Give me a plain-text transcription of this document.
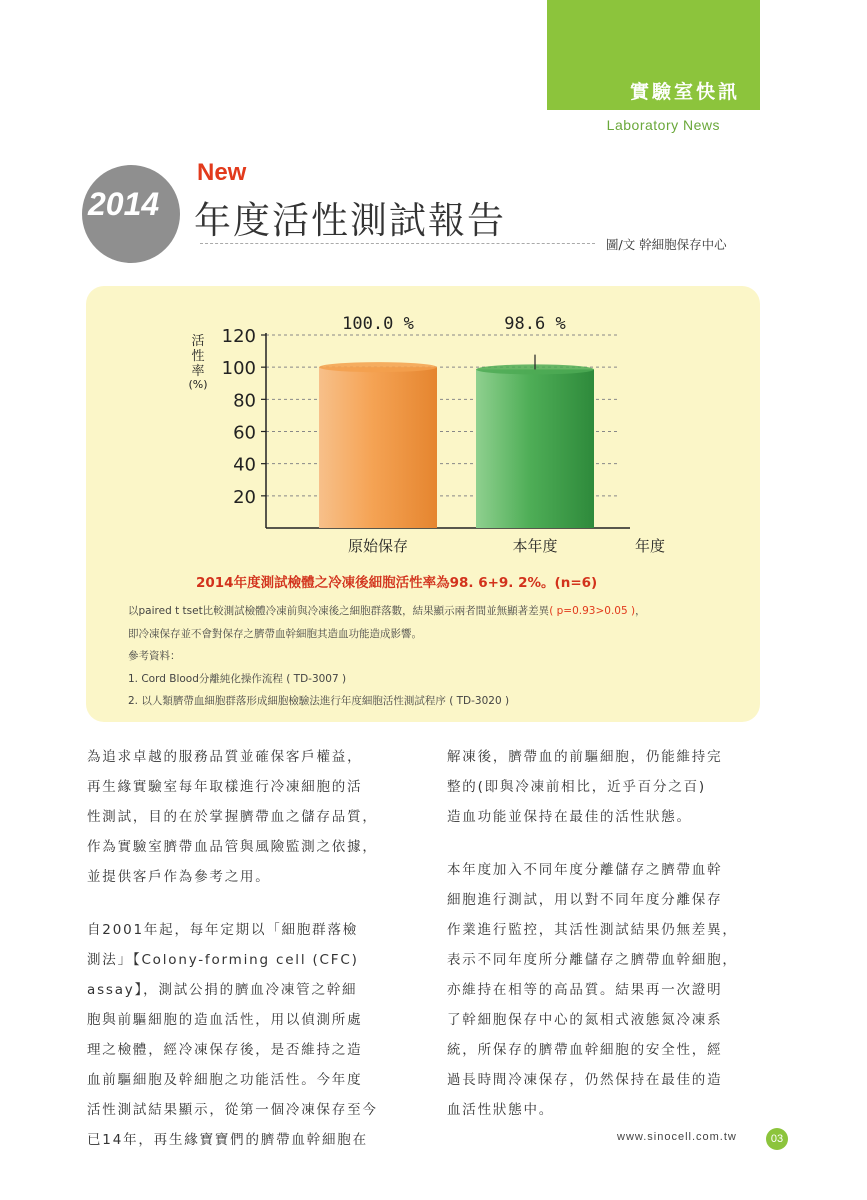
實驗室快訊
Laboratory News
2014
New
年度活性測試報告
圖/文 幹細胞保存中心
20
40
60
80
100
120
活
性
率
(%)
100.0 %
原始保存
98.6 %
本年度	年度
2014年度測試檢體之冷凍後細胞活性率為98. 6+9. 2%。(n=6)
以paired t tset比較測試檢體冷凍前與冷凍後之細胞群落數，結果顯示兩者間並無顯著差異( p=0.93>0.05 )，
即冷凍保存並不會對保存之臍帶血幹細胞其造血功能造成影響。
參考資料：
1. Cord Blood分離純化操作流程 ( TD-3007 )
2. 以人類臍帶血細胞群落形成細胞檢驗法進行年度細胞活性測試程序 ( TD-3020 )

為追求卓越的服務品質並確保客戶權益，
再生緣實驗室每年取樣進行冷凍細胞的活
性測試，目的在於掌握臍帶血之儲存品質，
作為實驗室臍帶血品管與風險監測之依據，
並提供客戶作為參考之用。

自2001年起，每年定期以「細胞群落檢
測法」【Colony-forming cell (CFC)
assay】，測試公捐的臍血冷凍管之幹細
胞與前驅細胞的造血活性，用以偵測所處
理之檢體，經冷凍保存後，是否維持之造
血前驅細胞及幹細胞之功能活性。今年度
活性測試結果顯示，從第一個冷凍保存至今
已14年，再生緣寶寶們的臍帶血幹細胞在

解凍後，臍帶血的前驅細胞，仍能維持完
整的(即與冷凍前相比，近乎百分之百)
造血功能並保持在最佳的活性狀態。

本年度加入不同年度分離儲存之臍帶血幹
細胞進行測試，用以對不同年度分離保存
作業進行監控，其活性測試結果仍無差異，
表示不同年度所分離儲存之臍帶血幹細胞，
亦維持在相等的高品質。結果再一次證明
了幹細胞保存中心的氮相式液態氮冷凍系
統，所保存的臍帶血幹細胞的安全性，經
過長時間冷凍保存，仍然保持在最佳的造
血活性狀態中。

www.sinocell.com.tw	03
